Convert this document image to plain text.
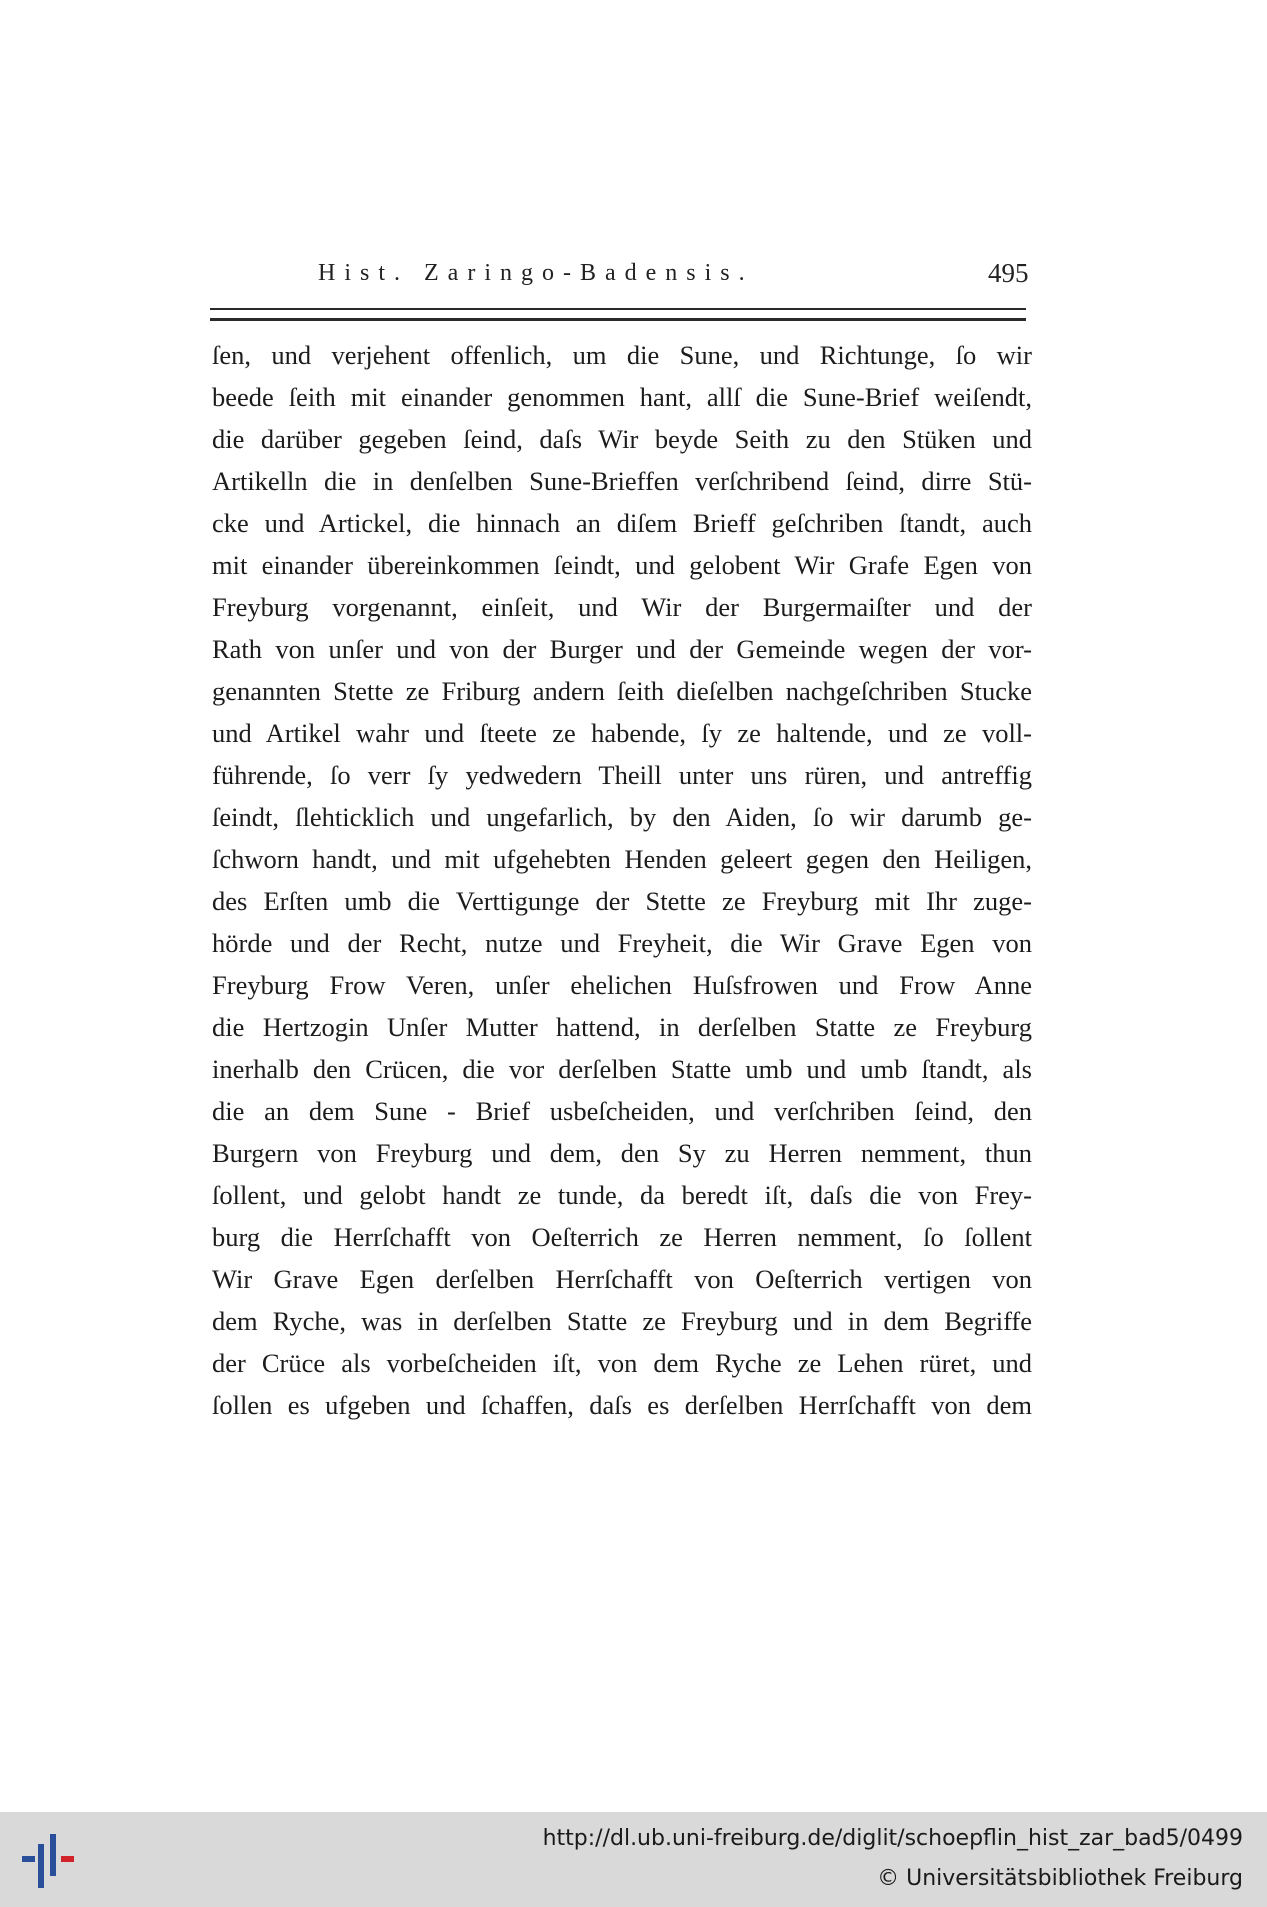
Hist. Zaringo-Badensis.	495
ſen, und verjehent offenlich, um die Sune, und Richtunge, ſo wir
beede ſeith mit einander genommen hant, allſ die Sune-Brief weiſendt,
die darüber gegeben ſeind, daſs Wir beyde Seith zu den Stüken und
Artikelln die in denſelben Sune-Brieffen verſchribend ſeind, dirre Stü-
cke und Artickel, die hinnach an diſem Brieff geſchriben ſtandt, auch
mit einander übereinkommen ſeindt, und gelobent Wir Grafe Egen von
Freyburg vorgenannt, einſeit, und Wir der Burgermaiſter und der
Rath von unſer und von der Burger und der Gemeinde wegen der vor-
genannten Stette ze Friburg andern ſeith dieſelben nachgeſchriben Stucke
und Artikel wahr und ſteete ze habende, ſy ze haltende, und ze voll-
führende, ſo verr ſy yedwedern Theill unter uns rüren, und antreffig
ſeindt, ſlehticklich und ungefarlich, by den Aiden, ſo wir darumb ge-
ſchworn handt, und mit ufgehebten Henden geleert gegen den Heiligen,
des Erſten umb die Verttigunge der Stette ze Freyburg mit Ihr zuge-
hörde und der Recht, nutze und Freyheit, die Wir Grave Egen von
Freyburg Frow Veren, unſer ehelichen Huſsfrowen und Frow Anne
die Hertzogin Unſer Mutter hattend, in derſelben Statte ze Freyburg
inerhalb den Crücen, die vor derſelben Statte umb und umb ſtandt, als
die an dem Sune - Brief usbeſcheiden, und verſchriben ſeind, den
Burgern von Freyburg und dem, den Sy zu Herren nemment, thun
ſollent, und gelobt handt ze tunde, da beredt iſt, daſs die von Frey-
burg die Herrſchafft von Oeſterrich ze Herren nemment, ſo ſollent
Wir Grave Egen derſelben Herrſchafft von Oeſterrich vertigen von
dem Ryche, was in derſelben Statte ze Freyburg und in dem Begriffe
der Crüce als vorbeſcheiden iſt, von dem Ryche ze Lehen rüret, und
ſollen es ufgeben und ſchaffen, daſs es derſelben Herrſchafft von dem
http://dl.ub.uni-freiburg.de/diglit/schoepflin_hist_zar_bad5/0499
© Universitätsbibliothek Freiburg
